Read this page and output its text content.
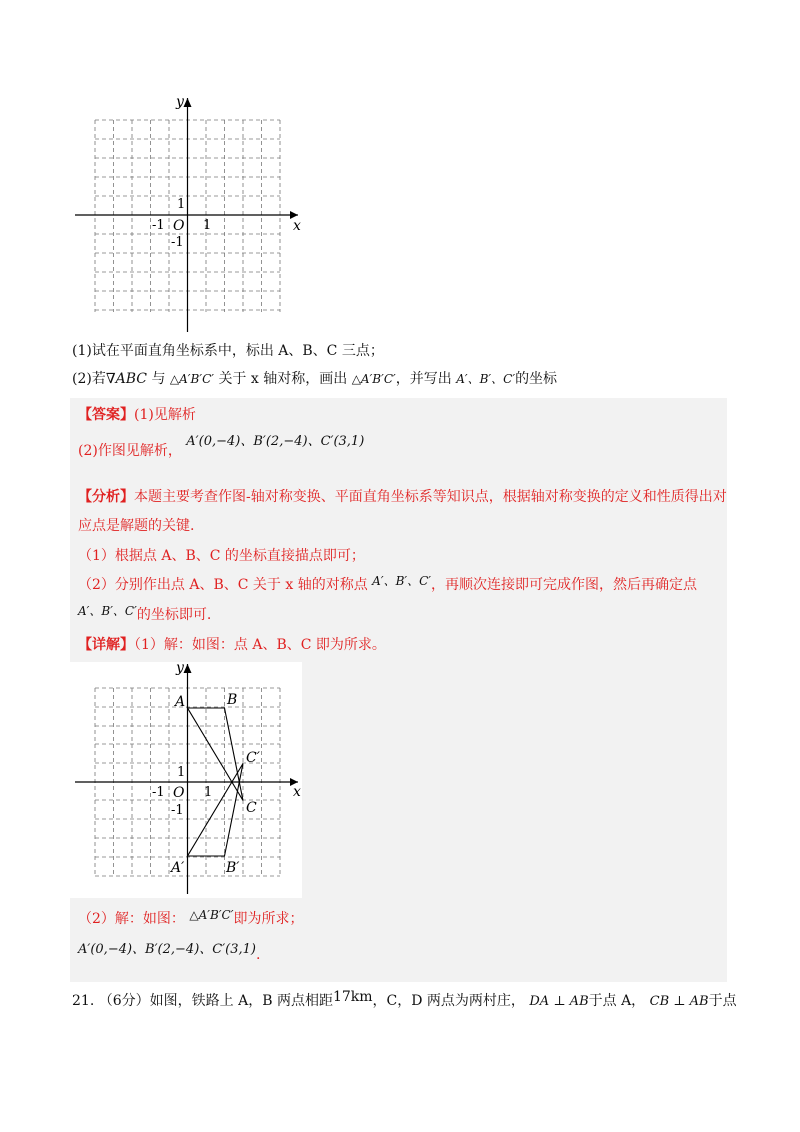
y
x
O
1
-1
1
-1
(1)试在平面直角坐标系中，标出 A、B、C 三点；
(2)若∇ABC 与 △A′B′C′ 关于 x 轴对称，画出 △A′B′C′，并写出 A′、B′、C′的坐标
【答案】(1)见解析
(2)作图见解析， A′(0,−4)、B′(2,−4)、C′(3,1)
【分析】本题主要考查作图-轴对称变换、平面直角坐标系等知识点，根据轴对称变换的定义和性质得出对
应点是解题的关键.
（1）根据点 A、B、C 的坐标直接描点即可；
（2）分别作出点 A、B、C 关于 x 轴的对称点 A′、B′、C′，再顺次连接即可完成作图，然后再确定点
A′、B′、C′的坐标即可.
【详解】（1）解：如图：点 A、B、C 即为所求。
y
x
O
1
-1
1
-1
A	B
C
A′	B′
C′
（2）解：如图： △A′B′C′即为所求；
A′(0,−4)、B′(2,−4)、C′(3,1).
21. （6分）如图，铁路上 A，B 两点相距17km，C，D 两点为两村庄， DA ⊥ AB于点 A， CB ⊥ AB于点
